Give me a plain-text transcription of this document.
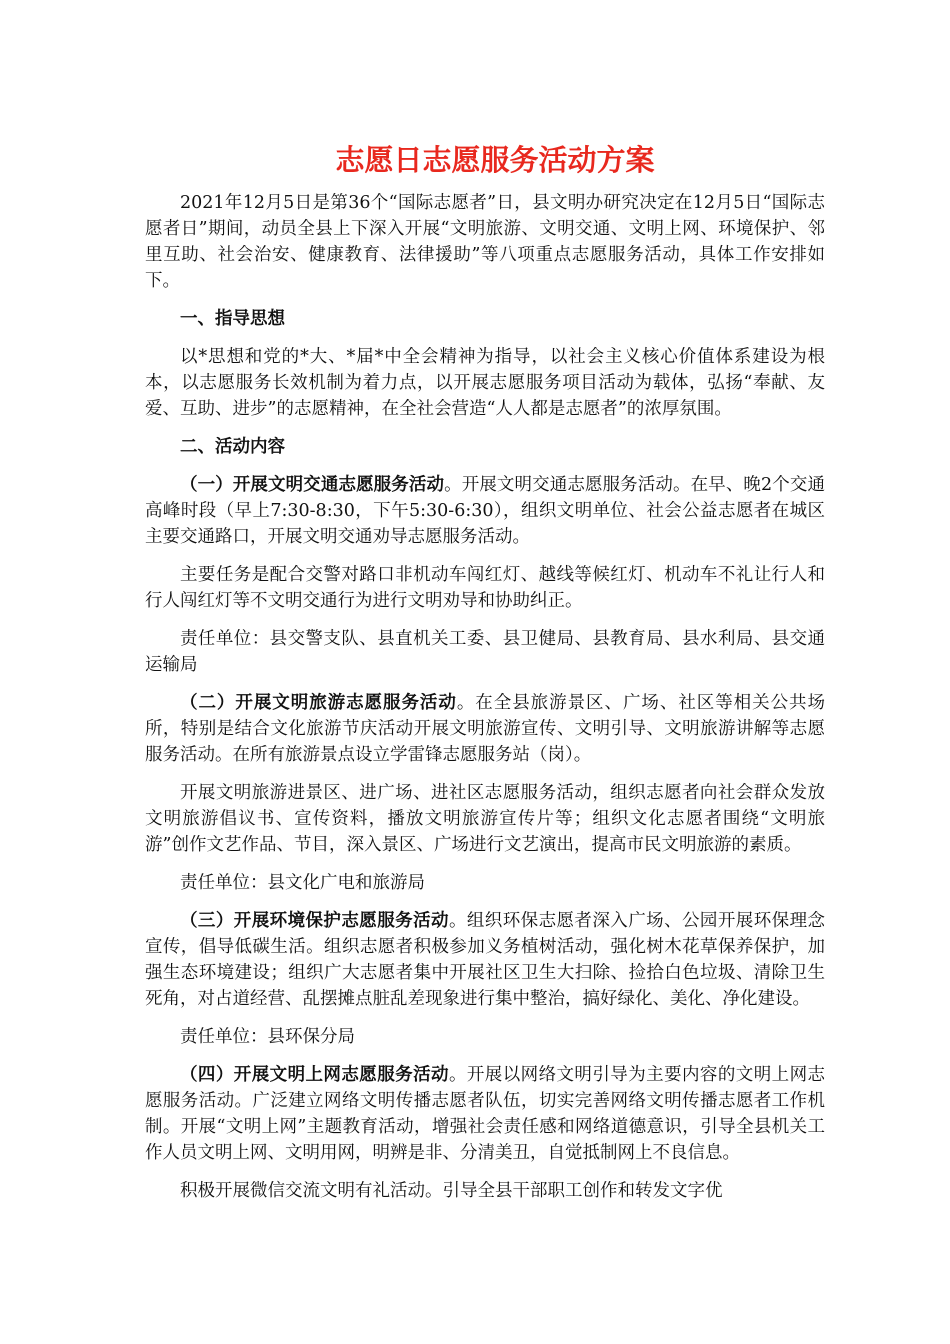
志愿日志愿服务活动方案

2021年12月5日是第36个“国际志愿者”日，县文明办研究决定在12月5日“国际志愿者日”期间，动员全县上下深入开展“文明旅游、文明交通、文明上网、环境保护、邻里互助、社会治安、健康教育、法律援助”等八项重点志愿服务活动，具体工作安排如下。

一、指导思想

以*思想和党的*大、*届*中全会精神为指导，以社会主义核心价值体系建设为根本，以志愿服务长效机制为着力点，以开展志愿服务项目活动为载体，弘扬“奉献、友爱、互助、进步”的志愿精神，在全社会营造“人人都是志愿者”的浓厚氛围。

二、活动内容

（一）开展文明交通志愿服务活动。开展文明交通志愿服务活动。在早、晚2个交通高峰时段（早上7:30-8:30，下午5:30-6:30），组织文明单位、社会公益志愿者在城区主要交通路口，开展文明交通劝导志愿服务活动。

主要任务是配合交警对路口非机动车闯红灯、越线等候红灯、机动车不礼让行人和行人闯红灯等不文明交通行为进行文明劝导和协助纠正。

责任单位：县交警支队、县直机关工委、县卫健局、县教育局、县水利局、县交通运输局

（二）开展文明旅游志愿服务活动。在全县旅游景区、广场、社区等相关公共场所，特别是结合文化旅游节庆活动开展文明旅游宣传、文明引导、文明旅游讲解等志愿服务活动。在所有旅游景点设立学雷锋志愿服务站（岗）。

开展文明旅游进景区、进广场、进社区志愿服务活动，组织志愿者向社会群众发放文明旅游倡议书、宣传资料，播放文明旅游宣传片等；组织文化志愿者围绕“文明旅游”创作文艺作品、节目，深入景区、广场进行文艺演出，提高市民文明旅游的素质。

责任单位：县文化广电和旅游局

（三）开展环境保护志愿服务活动。组织环保志愿者深入广场、公园开展环保理念宣传，倡导低碳生活。组织志愿者积极参加义务植树活动，强化树木花草保养保护，加强生态环境建设；组织广大志愿者集中开展社区卫生大扫除、捡拾白色垃圾、清除卫生死角，对占道经营、乱摆摊点脏乱差现象进行集中整治，搞好绿化、美化、净化建设。

责任单位：县环保分局

（四）开展文明上网志愿服务活动。开展以网络文明引导为主要内容的文明上网志愿服务活动。广泛建立网络文明传播志愿者队伍，切实完善网络文明传播志愿者工作机制。开展“文明上网”主题教育活动，增强社会责任感和网络道德意识，引导全县机关工作人员文明上网、文明用网，明辨是非、分清美丑，自觉抵制网上不良信息。

积极开展微信交流文明有礼活动。引导全县干部职工创作和转发文字优
